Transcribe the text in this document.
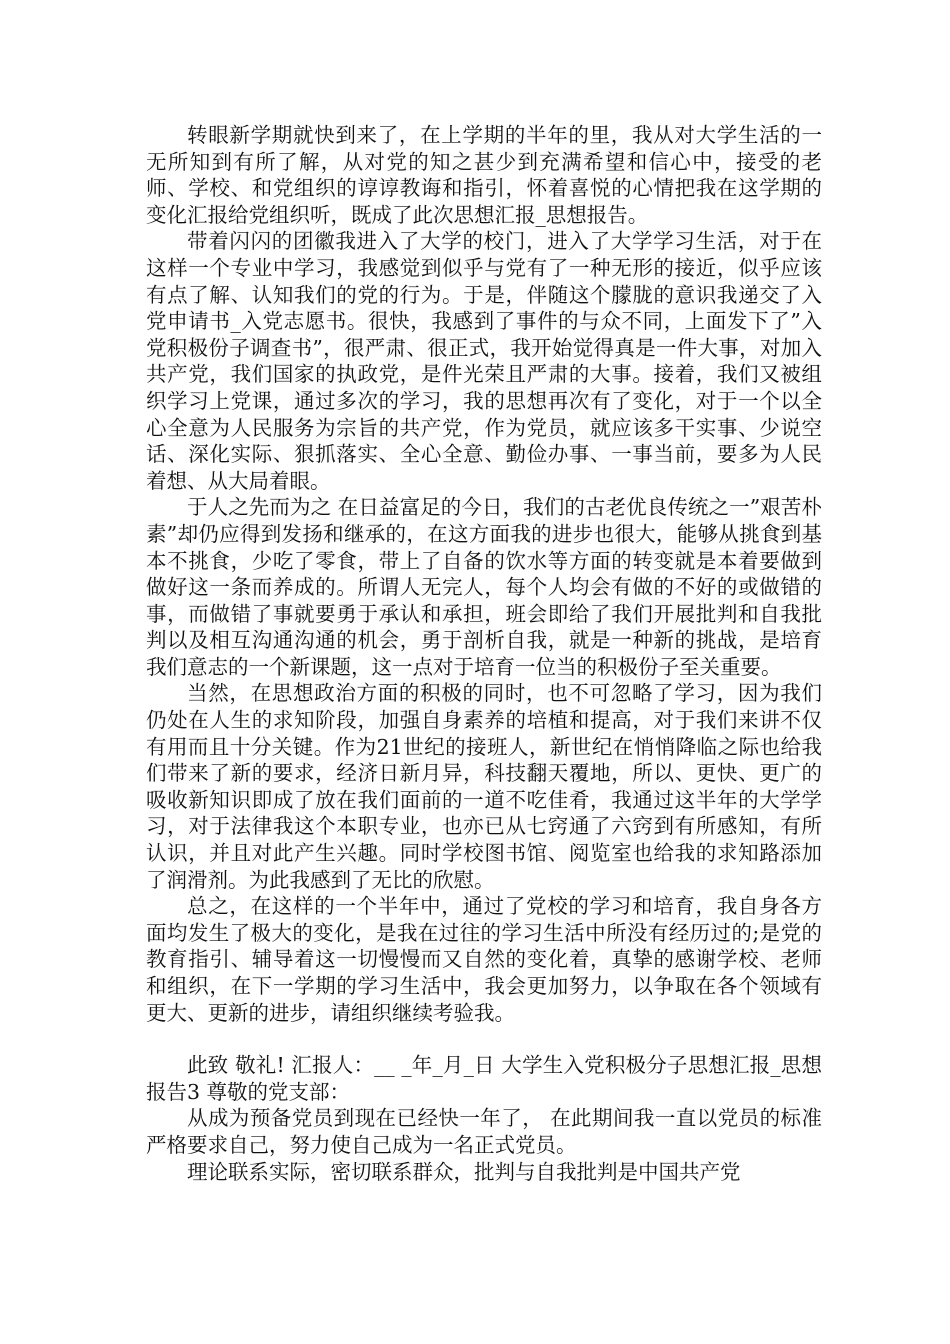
转眼新学期就快到来了，在上学期的半年的里，我从对大学生活的一无所知到有所了解，从对党的知之甚少到充满希望和信心中，接受的老师、学校、和党组织的谆谆教诲和指引，怀着喜悦的心情把我在这学期的变化汇报给党组织听，既成了此次思想汇报_思想报告。

带着闪闪的团徽我进入了大学的校门，进入了大学学习生活，对于在这样一个专业中学习，我感觉到似乎与党有了一种无形的接近，似乎应该有点了解、认知我们的党的行为。于是，伴随这个朦胧的意识我递交了入党申请书_入党志愿书。很快，我感到了事件的与众不同，上面发下了”入党积极份子调查书”，很严肃、很正式，我开始觉得真是一件大事，对加入共产党，我们国家的执政党，是件光荣且严肃的大事。接着，我们又被组织学习上党课，通过多次的学习，我的思想再次有了变化，对于一个以全心全意为人民服务为宗旨的共产党，作为党员，就应该多干实事、少说空话、深化实际、狠抓落实、全心全意、勤俭办事、一事当前，要多为人民着想、从大局着眼。

于人之先而为之 在日益富足的今日，我们的古老优良传统之一”艰苦朴素”却仍应得到发扬和继承的，在这方面我的进步也很大，能够从挑食到基本不挑食，少吃了零食，带上了自备的饮水等方面的转变就是本着要做到做好这一条而养成的。所谓人无完人，每个人均会有做的不好的或做错的事，而做错了事就要勇于承认和承担，班会即给了我们开展批判和自我批判以及相互沟通沟通的机会，勇于剖析自我，就是一种新的挑战，是培育我们意志的一个新课题，这一点对于培育一位当的积极份子至关重要。

当然，在思想政治方面的积极的同时，也不可忽略了学习，因为我们仍处在人生的求知阶段，加强自身素养的培植和提高，对于我们来讲不仅有用而且十分关键。作为21世纪的接班人，新世纪在悄悄降临之际也给我们带来了新的要求，经济日新月异，科技翻天覆地，所以、更快、更广的吸收新知识即成了放在我们面前的一道不吃佳肴，我通过这半年的大学学习，对于法律我这个本职专业，也亦已从七窍通了六窍到有所感知，有所认识，并且对此产生兴趣。同时学校图书馆、阅览室也给我的求知路添加了润滑剂。为此我感到了无比的欣慰。

总之，在这样的一个半年中，通过了党校的学习和培育，我自身各方面均发生了极大的变化，是我在过往的学习生活中所没有经历过的;是党的教育指引、辅导着这一切慢慢而又自然的变化着，真挚的感谢学校、老师和组织，在下一学期的学习生活中，我会更加努力，以争取在各个领域有更大、更新的进步，请组织继续考验我。

此致 敬礼! 汇报人：__ _年_月_日 大学生入党积极分子思想汇报_思想报告3 尊敬的党支部：

从成为预备党员到现在已经快一年了， 在此期间我一直以党员的标准严格要求自己，努力使自己成为一名正式党员。

理论联系实际，密切联系群众，批判与自我批判是中国共产党
